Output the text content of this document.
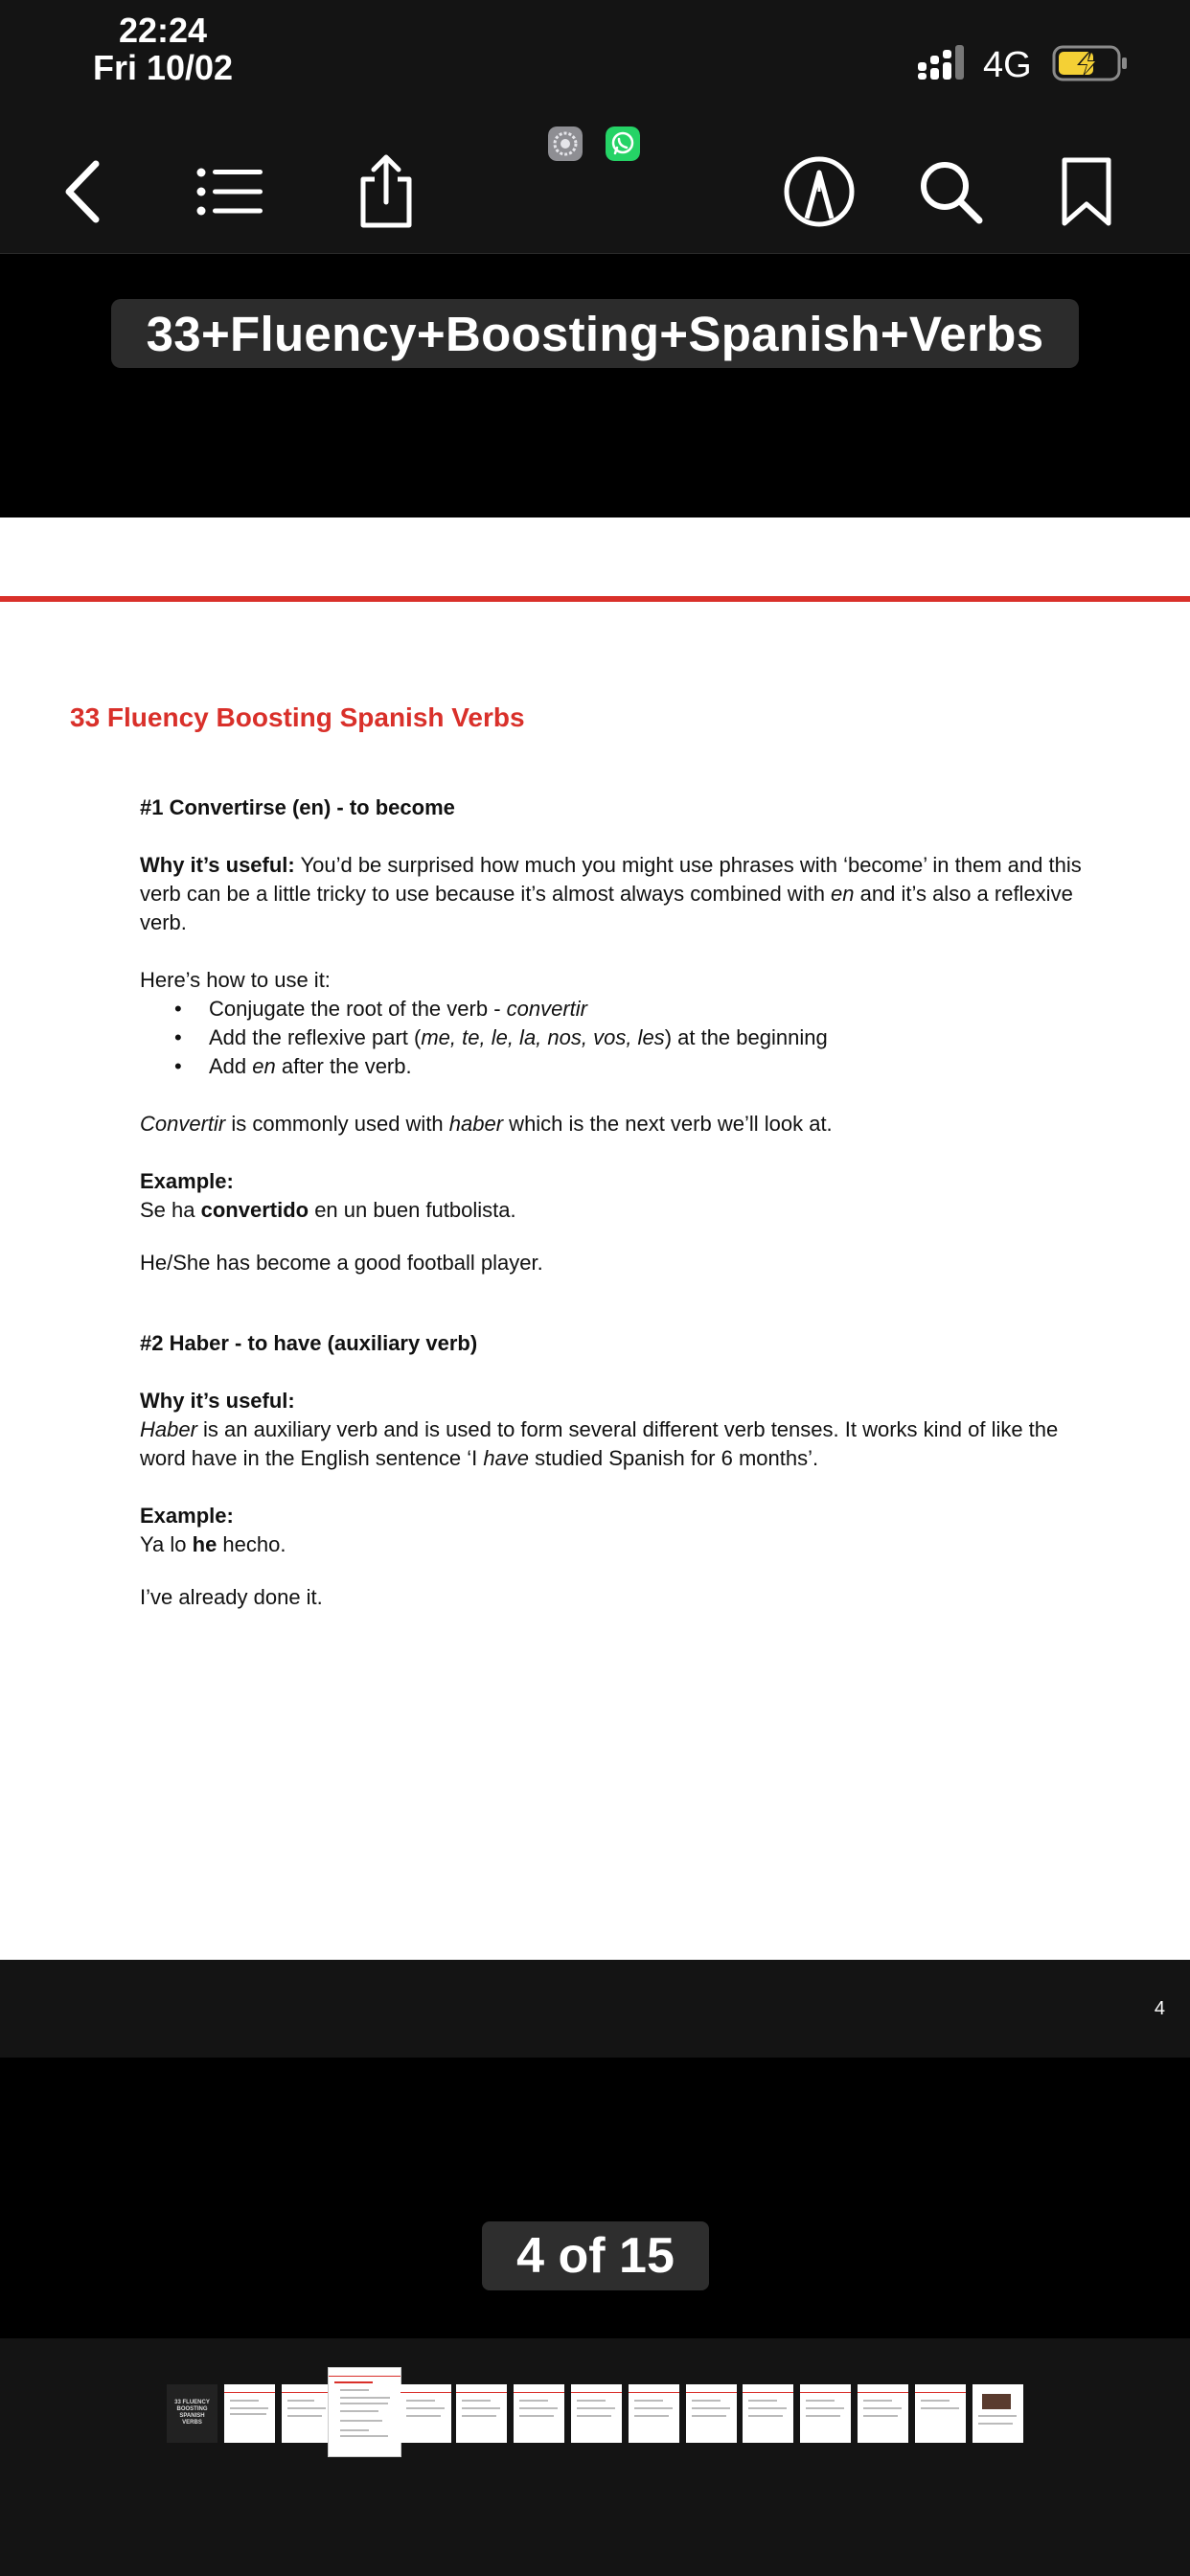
22:24
Fri 10/02	4G
33+Fluency+Boosting+Spanish+Verbs
33 Fluency Boosting Spanish Verbs

#1 Convertirse (en) - to become

Why it’s useful: You’d be surprised how much you might use phrases with ‘become’ in them and this verb can be a little tricky to use because it’s almost always combined with en and it’s also a reflexive verb.

Here’s how to use it:

• Conjugate the root of the verb - convertir
• Add the reflexive part (me, te, le, la, nos, vos, les) at the beginning
• Add en after the verb.

Convertir is commonly used with haber which is the next verb we’ll look at.

Example:

Se ha convertido en un buen futbolista.

He/She has become a good football player.

#2 Haber - to have (auxiliary verb)

Why it’s useful:

Haber is an auxiliary verb and is used to form several different verb tenses. It works kind of like the word have in the English sentence ‘I have studied Spanish for 6 months’.

Example:

Ya lo he hecho.

I’ve already done it.

4
4 of 15
33 FLUENCY BOOSTING SPANISH VERBS
